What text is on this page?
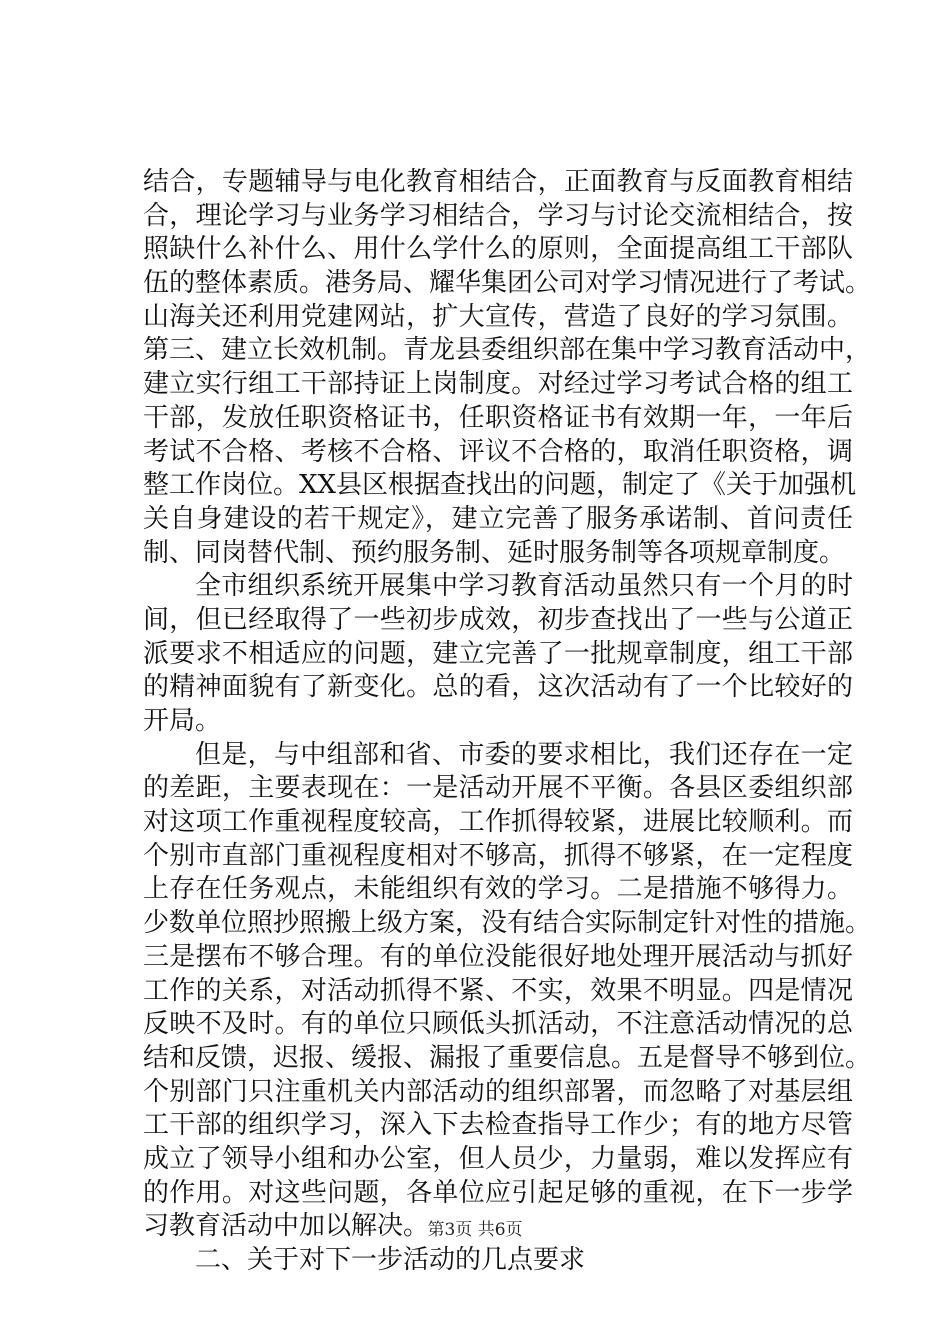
结合，专题辅导与电化教育相结合，正面教育与反面教育相结
合，理论学习与业务学习相结合，学习与讨论交流相结合，按
照缺什么补什么、用什么学什么的原则，全面提高组工干部队
伍的整体素质。港务局、耀华集团公司对学习情况进行了考试。
山海关还利用党建网站，扩大宣传，营造了良好的学习氛围。
第三、建立长效机制。青龙县委组织部在集中学习教育活动中，
建立实行组工干部持证上岗制度。对经过学习考试合格的组工
干部，发放任职资格证书，任职资格证书有效期一年，一年后
考试不合格、考核不合格、评议不合格的，取消任职资格，调
整工作岗位。XX县区根据查找出的问题，制定了《关于加强机
关自身建设的若干规定》，建立完善了服务承诺制、首问责任
制、同岗替代制、预约服务制、延时服务制等各项规章制度。
全市组织系统开展集中学习教育活动虽然只有一个月的时
间，但已经取得了一些初步成效，初步查找出了一些与公道正
派要求不相适应的问题，建立完善了一批规章制度，组工干部
的精神面貌有了新变化。总的看，这次活动有了一个比较好的
开局。
但是，与中组部和省、市委的要求相比，我们还存在一定
的差距，主要表现在：一是活动开展不平衡。各县区委组织部
对这项工作重视程度较高，工作抓得较紧，进展比较顺利。而
个别市直部门重视程度相对不够高，抓得不够紧，在一定程度
上存在任务观点，未能组织有效的学习。二是措施不够得力。
少数单位照抄照搬上级方案，没有结合实际制定针对性的措施。
三是摆布不够合理。有的单位没能很好地处理开展活动与抓好
工作的关系，对活动抓得不紧、不实，效果不明显。四是情况
反映不及时。有的单位只顾低头抓活动，不注意活动情况的总
结和反馈，迟报、缓报、漏报了重要信息。五是督导不够到位。
个别部门只注重机关内部活动的组织部署，而忽略了对基层组
工干部的组织学习，深入下去检查指导工作少；有的地方尽管
成立了领导小组和办公室，但人员少，力量弱，难以发挥应有
的作用。对这些问题，各单位应引起足够的重视，在下一步学
习教育活动中加以解决。
二、关于对下一步活动的几点要求
第3页 共6页
